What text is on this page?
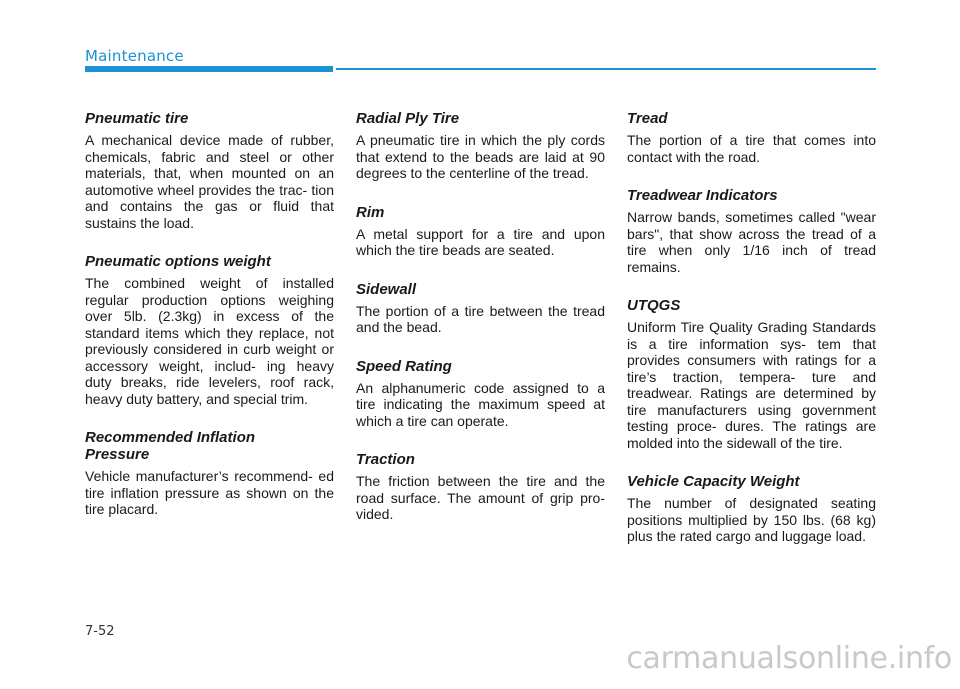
Maintenance
Pneumatic tire

A mechanical device made of rubber, chemicals, fabric and steel or other materials, that, when mounted on an automotive wheel provides the trac- tion and contains the gas or fluid that sustains the load.

Pneumatic options weight

The combined weight of installed regular production options weighing over 5lb. (2.3kg) in excess of the standard items which they replace, not previously considered in curb weight or accessory weight, includ- ing heavy duty breaks, ride levelers, roof rack, heavy duty battery, and special trim.

Recommended Inflation Pressure

Vehicle manufacturer’s recommend- ed tire inflation pressure as shown on the tire placard.

Radial Ply Tire

A pneumatic tire in which the ply cords that extend to the beads are laid at 90 degrees to the centerline of the tread.

Rim

A metal support for a tire and upon which the tire beads are seated.

Sidewall

The portion of a tire between the tread and the bead.

Speed Rating

An alphanumeric code assigned to a tire indicating the maximum speed at which a tire can operate.

Traction

The friction between the tire and the road surface. The amount of grip pro- vided.

Tread

The portion of a tire that comes into contact with the road.

Treadwear Indicators

Narrow bands, sometimes called "wear bars", that show across the tread of a tire when only 1/16 inch of tread remains.

UTQGS

Uniform Tire Quality Grading Standards is a tire information sys- tem that provides consumers with ratings for a tire’s traction, tempera- ture and treadwear. Ratings are determined by tire manufacturers using government testing proce- dures. The ratings are molded into the sidewall of the tire.

Vehicle Capacity Weight

The number of designated seating positions multiplied by 150 lbs. (68 kg) plus the rated cargo and luggage load.

7-52
carmanualsonline.info
